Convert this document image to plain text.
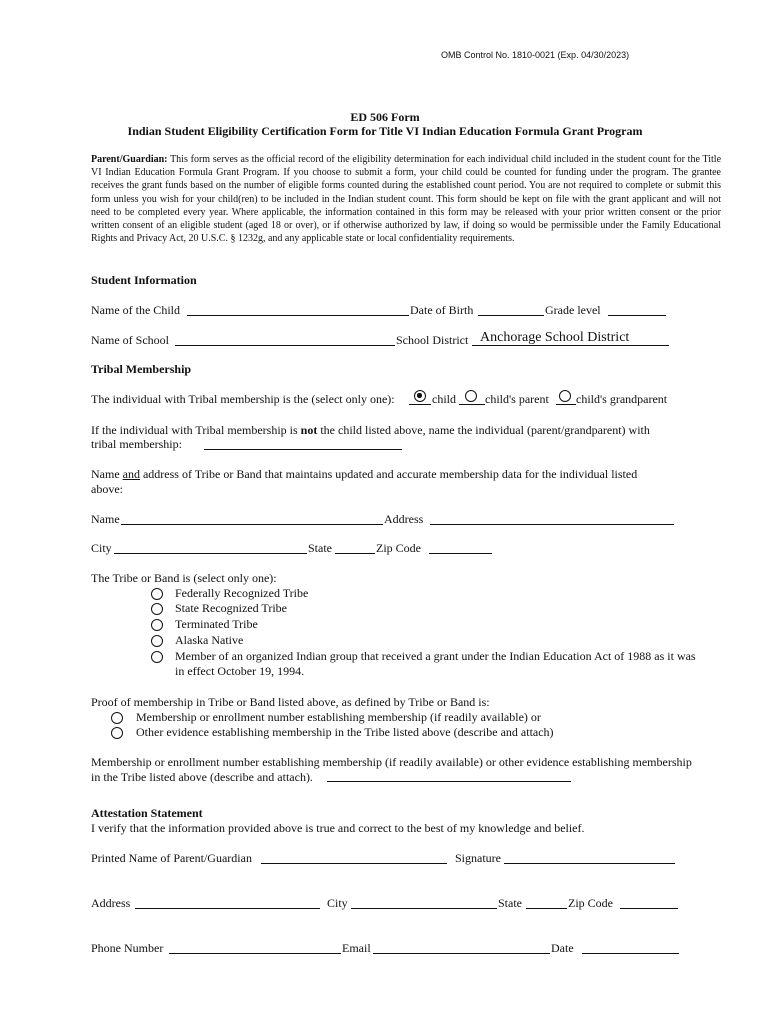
OMB Control No. 1810-0021 (Exp. 04/30/2023)
ED 506 Form
Indian Student Eligibility Certification Form for Title VI Indian Education Formula Grant Program
Parent/Guardian: This form serves as the official record of the eligibility determination for each individual child included in the student count for the Title VI Indian Education Formula Grant Program. If you choose to submit a form, your child could be counted for funding under the program. The grantee receives the grant funds based on the number of eligible forms counted during the established count period. You are not required to complete or submit this form unless you wish for your child(ren) to be included in the Indian student count. This form should be kept on file with the grant applicant and will not need to be completed every year. Where applicable, the information contained in this form may be released with your prior written consent or the prior written consent of an eligible student (aged 18 or over), or if otherwise authorized by law, if doing so would be permissible under the Family Educational Rights and Privacy Act, 20 U.S.C. § 1232g, and any applicable state or local confidentiality requirements.
Student Information
Name of the Child	Date of Birth	Grade level
Name of School	School District Anchorage School District
Tribal Membership
The individual with Tribal membership is the (select only one):	child child's parent child's grandparent
If the individual with Tribal membership is not the child listed above, name the individual (parent/grandparent) with
tribal membership:
Name and address of Tribe or Band that maintains updated and accurate membership data for the individual listed
above:
Name	Address
City	State	Zip Code
The Tribe or Band is (select only one):
Federally Recognized Tribe
State Recognized Tribe
Terminated Tribe
Alaska Native
Member of an organized Indian group that received a grant under the Indian Education Act of 1988 as it was
in effect October 19, 1994.
Proof of membership in Tribe or Band listed above, as defined by Tribe or Band is:
Membership or enrollment number establishing membership (if readily available) or
Other evidence establishing membership in the Tribe listed above (describe and attach)
Membership or enrollment number establishing membership (if readily available) or other evidence establishing membership
in the Tribe listed above (describe and attach).
Attestation Statement
I verify that the information provided above is true and correct to the best of my knowledge and belief.
Printed Name of Parent/Guardian	Signature
Address	City	State	Zip Code
Phone Number	Email	Date
